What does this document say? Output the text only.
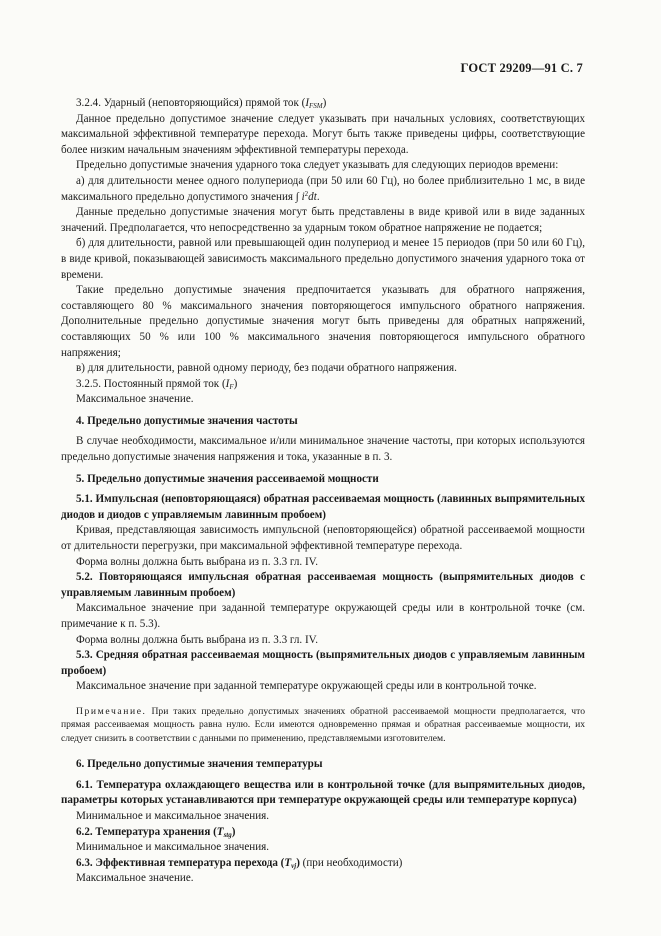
ГОСТ 29209—91 С. 7

3.2.4. Ударный (неповторяющийся) прямой ток $(I_{FSM})$

Данное предельно допустимое значение следует указывать при начальных условиях, соответствующих максимальной эффективной температуре перехода. Могут быть также приведены цифры, соответствующие более низким начальным значениям эффективной температуры перехода.

Предельно допустимые значения ударного тока следует указывать для следующих периодов времени:

а) для длительности менее одного полупериода (при 50 или 60 Гц), но более приблизительно 1 мс, в виде максимального предельно допустимого значения ∫ $i^2dt$.

Данные предельно допустимые значения могут быть представлены в виде кривой или в виде заданных значений. Предполагается, что непосредственно за ударным током обратное напряжение не подается;

б) для длительности, равной или превышающей один полупериод и менее 15 периодов (при 50 или 60 Гц), в виде кривой, показывающей зависимость максимального предельно допустимого значения ударного тока от времени.

Такие предельно допустимые значения предпочитается указывать для обратного напряжения, составляющего 80 % максимального значения повторяющегося импульсного обратного напряжения. Дополнительные предельно допустимые значения могут быть приведены для обратных напряжений, составляющих 50 % или 100 % максимального значения повторяющегося импульсного обратного напряжения;

в) для длительности, равной одному периоду, без подачи обратного напряжения.

3.2.5. Постоянный прямой ток $(I_F)$

Максимальное значение.

4. Предельно допустимые значения частоты

В случае необходимости, максимальное и/или минимальное значение частоты, при которых используются предельно допустимые значения напряжения и тока, указанные в п. 3.

5. Предельно допустимые значения рассеиваемой мощности

5.1. Импульсная (неповторяющаяся) обратная рассеиваемая мощность (лавинных выпрямительных диодов и диодов с управляемым лавинным пробоем)

Кривая, представляющая зависимость импульсной (неповторяющейся) обратной рассеиваемой мощности от длительности перегрузки, при максимальной эффективной температуре перехода.

Форма волны должна быть выбрана из п. 3.3 гл. IV.

5.2. Повторяющаяся импульсная обратная рассеиваемая мощность (выпрямительных диодов с управляемым лавинным пробоем)

Максимальное значение при заданной температуре окружающей среды или в контрольной точке (см. примечание к п. 5.3).

Форма волны должна быть выбрана из п. 3.3 гл. IV.

5.3. Средняя обратная рассеиваемая мощность (выпрямительных диодов с управляемым лавинным пробоем)

Максимальное значение при заданной температуре окружающей среды или в контрольной точке.

Примечание. При таких предельно допустимых значениях обратной рассеиваемой мощности предполагается, что прямая рассеиваемая мощность равна нулю. Если имеются одновременно прямая и обратная рассеиваемые мощности, их следует снизить в соответствии с данными по применению, представляемыми изготовителем.

6. Предельно допустимые значения температуры

6.1. Температура охлаждающего вещества или в контрольной точке (для выпрямительных диодов, параметры которых устанавливаются при температуре окружающей среды или температуре корпуса)

Минимальное и максимальное значения.

6.2. Температура хранения $(T_{stg})$

Минимальное и максимальное значения.

6.3. Эффективная температура перехода $(T_{vj})$ (при необходимости)

Максимальное значение.
